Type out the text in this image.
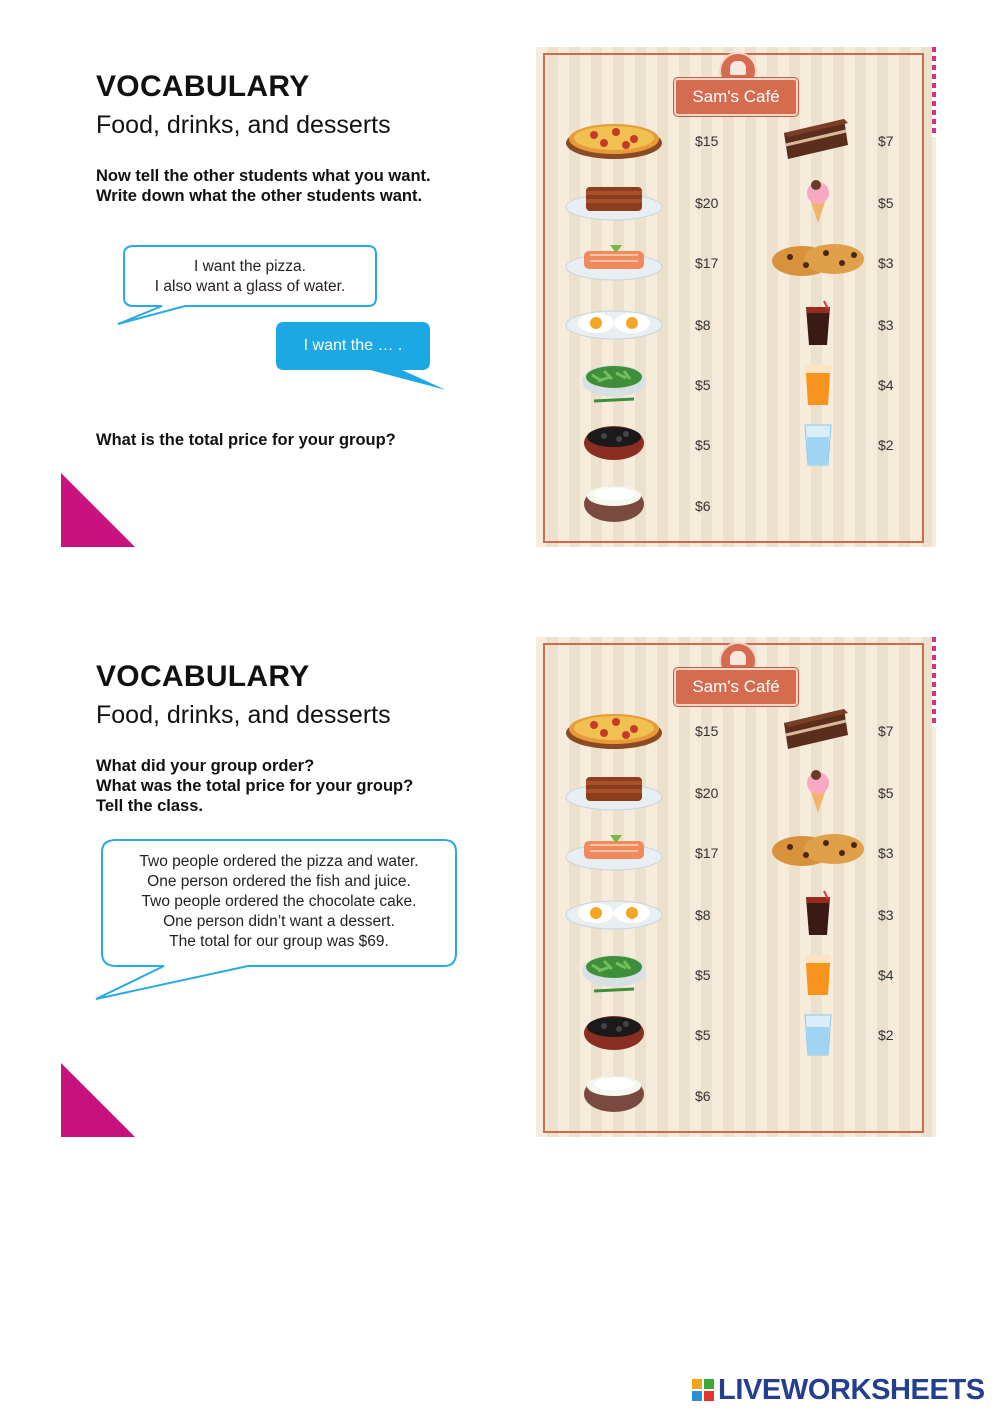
VOCABULARY
Food, drinks, and desserts
Now tell the other students what you want.
Write down what the other students want.
I want the pizza.
I also want a glass of water.
I want the … .
What is the total price for your group?
VOCABULARY
Food, drinks, and desserts
What did your group order?
What was the total price for your group?
Tell the class.
Two people ordered the pizza and water.
One person ordered the fish and juice.
Two people ordered the chocolate cake.
One person didn’t want a dessert.
The total for our group was $69.
Sam's Café
$15
$20
$17
$8
$5
$5
$6
$7
$5
$3
$3
$4
$2
Sam's Café
$15
$20
$17
$8
$5
$5
$6
$7
$5
$3
$3
$4
$2
LIVEWORKSHEETS
